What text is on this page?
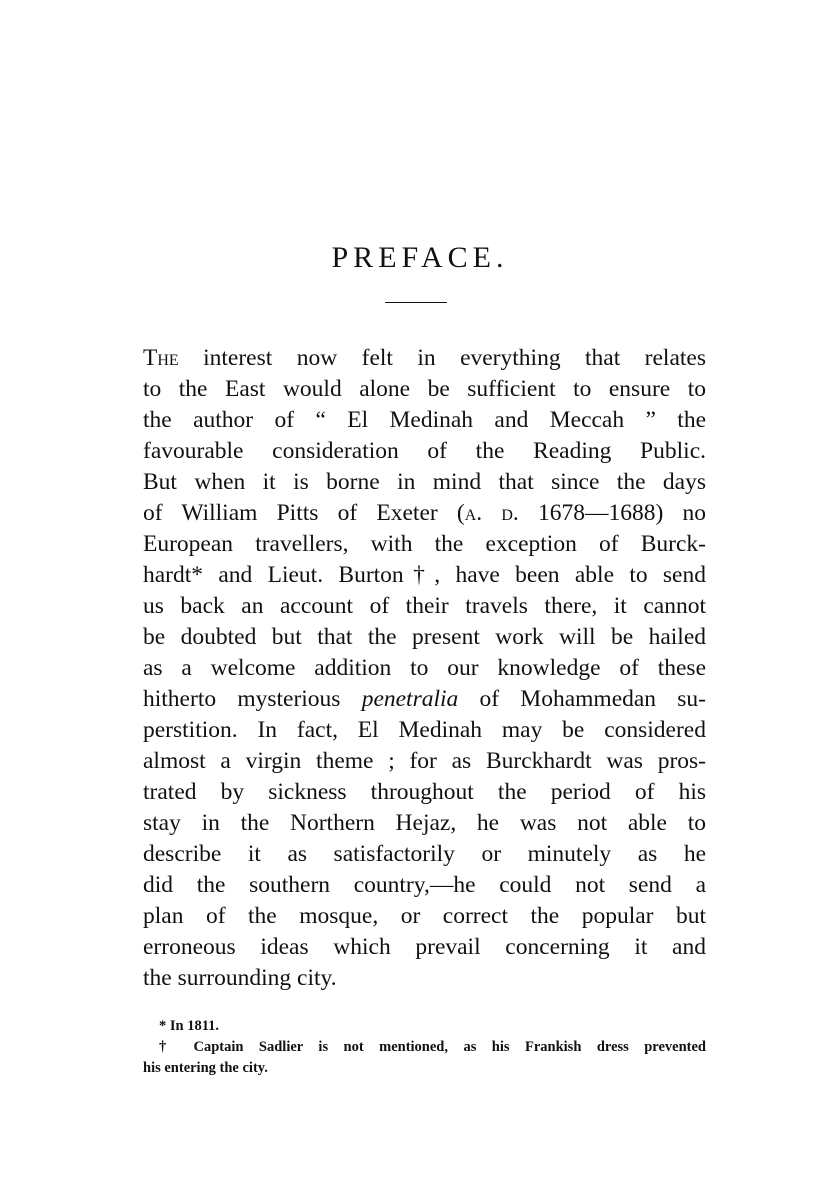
PREFACE.
The interest now felt in everything that relates
to the East would alone be sufficient to ensure to
the author of “ El Medinah and Meccah ” the
favourable consideration of the Reading Public.
But when it is borne in mind that since the days
of William Pitts of Exeter (a. d. 1678—1688) no
European travellers, with the exception of Burck-
hardt* and Lieut. Burton†, have been able to send
us back an account of their travels there, it cannot
be doubted but that the present work will be hailed
as a welcome addition to our knowledge of these
hitherto mysterious penetralia of Mohammedan su-
perstition. In fact, El Medinah may be considered
almost a virgin theme ; for as Burckhardt was pros-
trated by sickness throughout the period of his
stay in the Northern Hejaz, he was not able to
describe it as satisfactorily or minutely as he
did the southern country,—he could not send a
plan of the mosque, or correct the popular but
erroneous ideas which prevail concerning it and
the surrounding city.
* In 1811.
† Captain Sadlier is not mentioned, as his Frankish dress prevented
his entering the city.
